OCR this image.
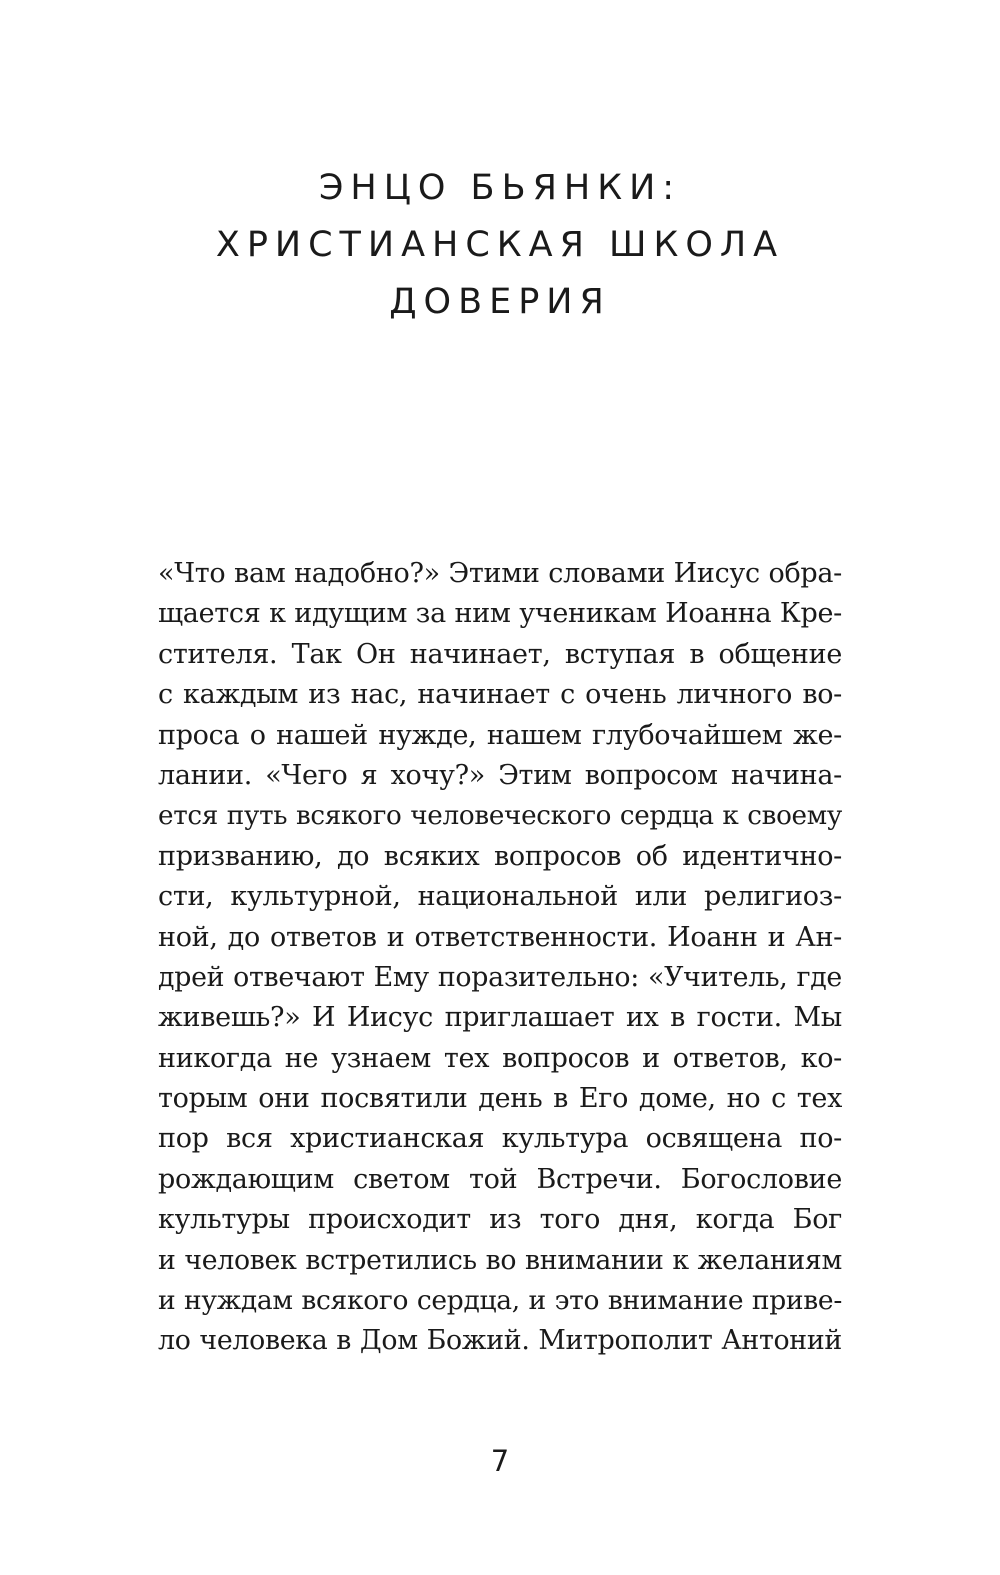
ЭНЦО БЬЯНКИ:
ХРИСТИАНСКАЯ ШКОЛА
ДОВЕРИЯ
«Что вам надобно?» Этими словами Иисус обра-
щается к идущим за ним ученикам Иоанна Кре-
стителя. Так Он начинает, вступая в общение
с каждым из нас, начинает с очень личного во-
проса о нашей нужде, нашем глубочайшем же-
лании. «Чего я хочу?» Этим вопросом начина-
ется путь всякого человеческого сердца к своему
призванию, до всяких вопросов об идентично-
сти, культурной, национальной или религиоз-
ной, до ответов и ответственности. Иоанн и Ан-
дрей отвечают Ему поразительно: «Учитель, где
живешь?» И Иисус приглашает их в гости. Мы
никогда не узнаем тех вопросов и ответов, ко-
торым они посвятили день в Его доме, но с тех
пор вся христианская культура освящена по-
рождающим светом той Встречи. Богословие
культуры происходит из того дня, когда Бог
и человек встретились во внимании к желаниям
и нуждам всякого сердца, и это внимание приве-
ло человека в Дом Божий. Митрополит Антоний
7
